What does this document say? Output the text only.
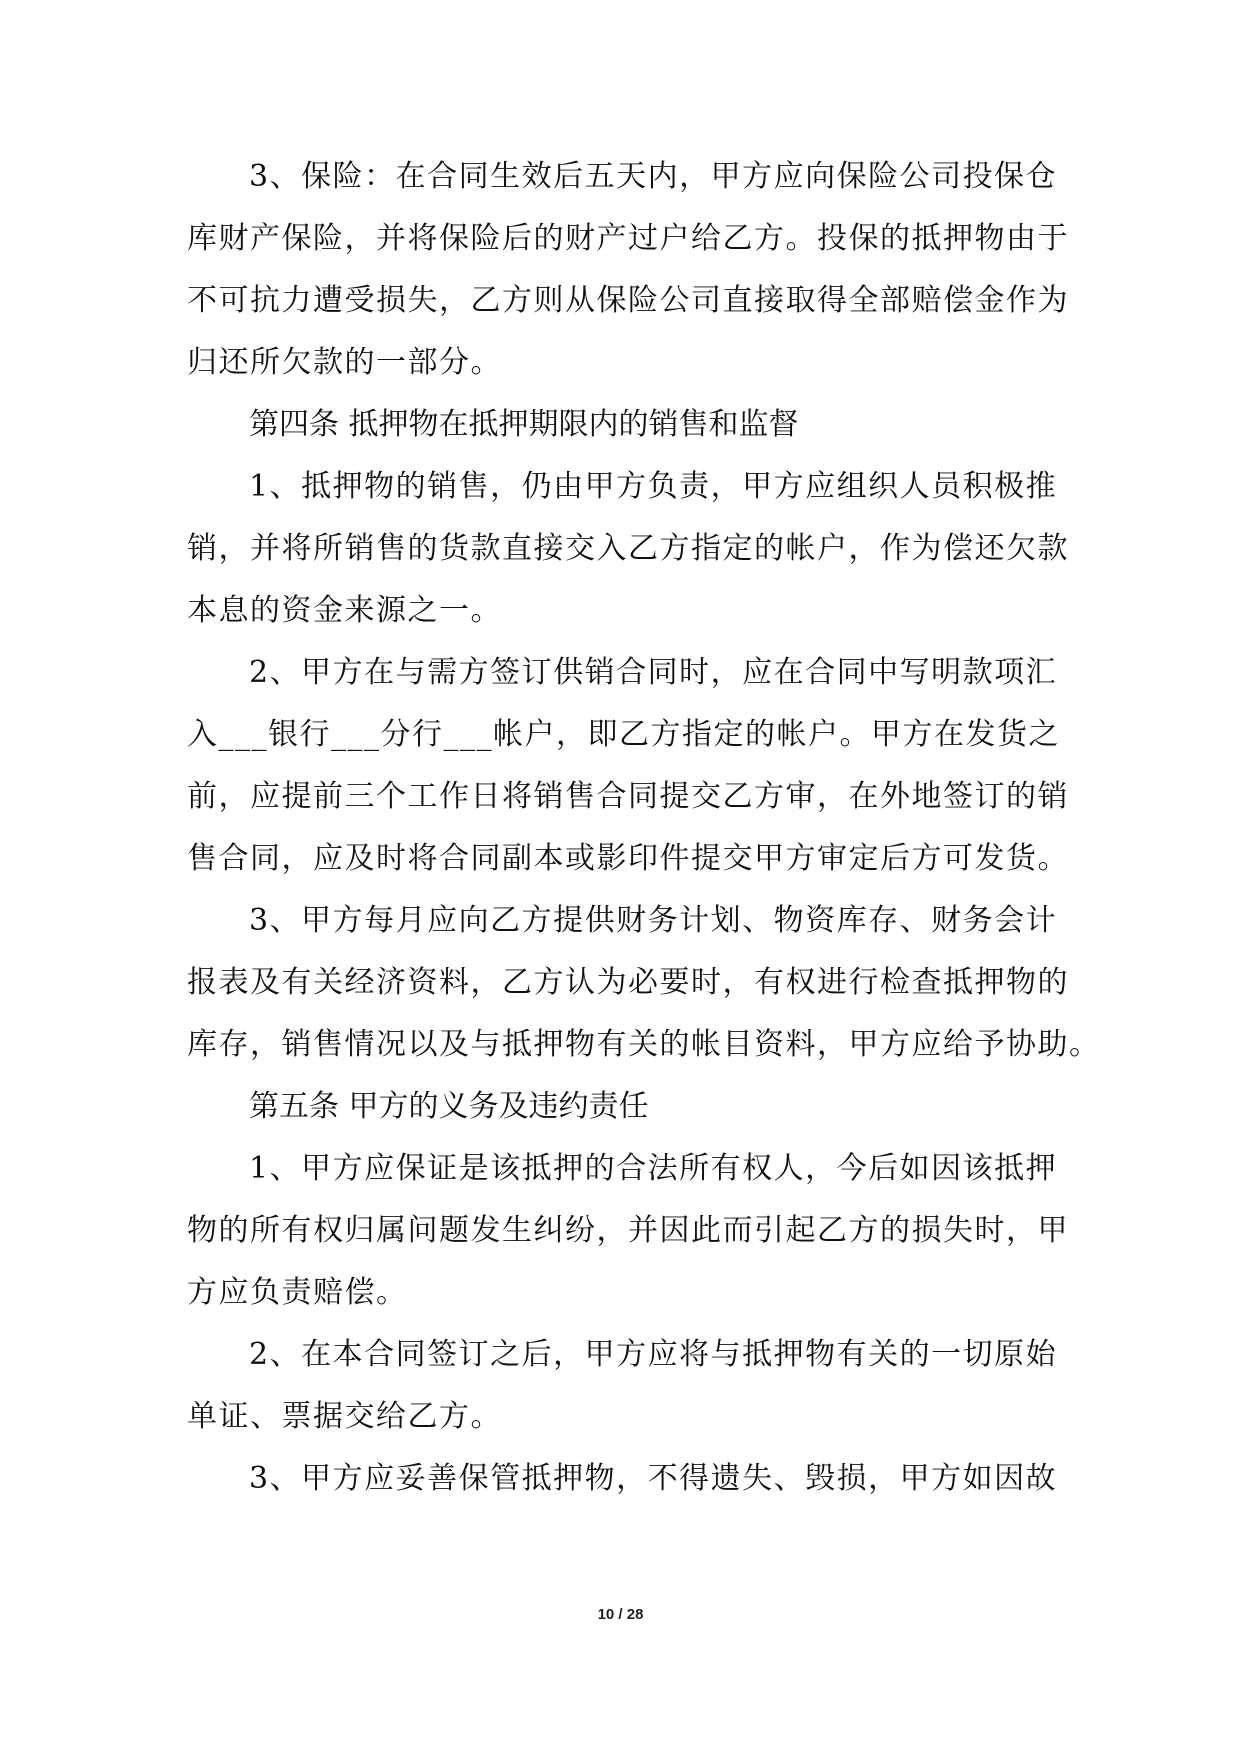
3、保险：在合同生效后五天内，甲方应向保险公司投保仓
库财产保险，并将保险后的财产过户给乙方。投保的抵押物由于
不可抗力遭受损失，乙方则从保险公司直接取得全部赔偿金作为
归还所欠款的一部分。
第四条 抵押物在抵押期限内的销售和监督
1、抵押物的销售，仍由甲方负责，甲方应组织人员积极推
销，并将所销售的货款直接交入乙方指定的帐户，作为偿还欠款
本息的资金来源之一。
2、甲方在与需方签订供销合同时，应在合同中写明款项汇
入___银行___分行___帐户，即乙方指定的帐户。甲方在发货之
前，应提前三个工作日将销售合同提交乙方审，在外地签订的销
售合同，应及时将合同副本或影印件提交甲方审定后方可发货。
3、甲方每月应向乙方提供财务计划、物资库存、财务会计
报表及有关经济资料，乙方认为必要时，有权进行检查抵押物的
库存，销售情况以及与抵押物有关的帐目资料，甲方应给予协助。
第五条 甲方的义务及违约责任
1、甲方应保证是该抵押的合法所有权人，今后如因该抵押
物的所有权归属问题发生纠纷，并因此而引起乙方的损失时，甲
方应负责赔偿。
2、在本合同签订之后，甲方应将与抵押物有关的一切原始
单证、票据交给乙方。
3、甲方应妥善保管抵押物，不得遗失、毁损，甲方如因故
10 / 28
